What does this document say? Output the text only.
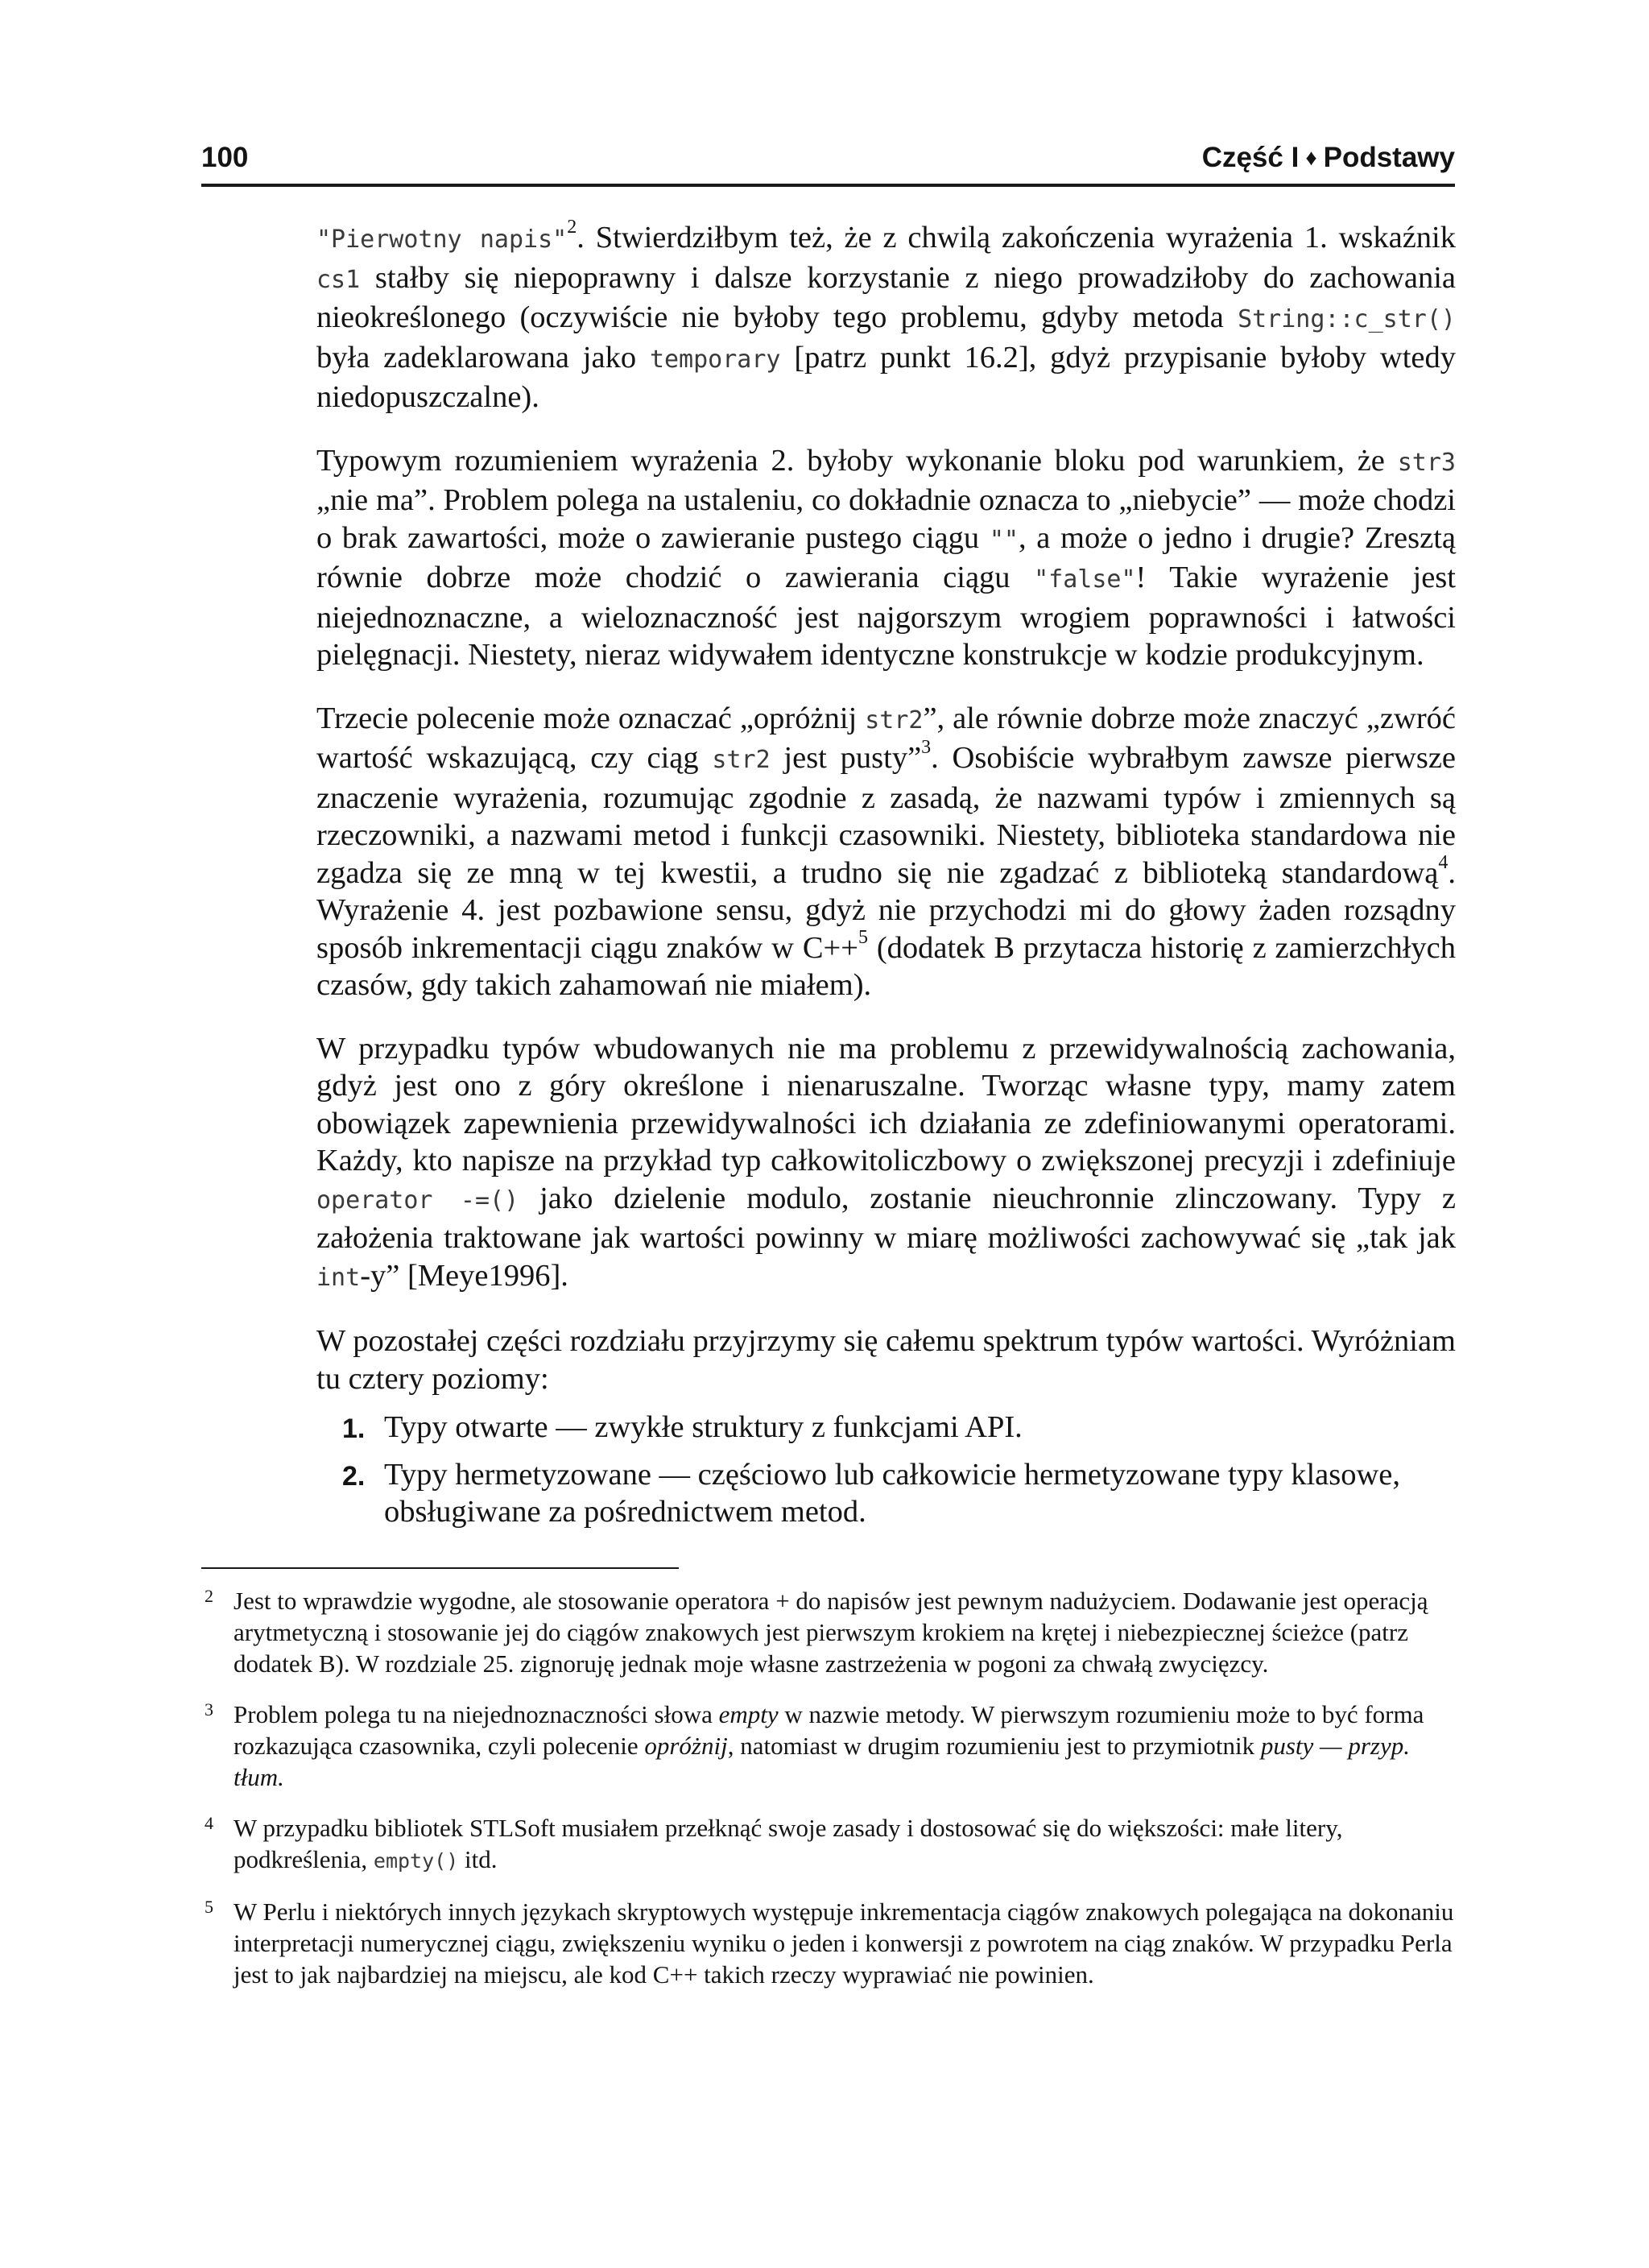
100	Część I ♦ Podstawy

"Pierwotny napis"$^2$. Stwierdziłbym też, że z chwilą zakończenia wyrażenia 1. wskaźnik cs1 stałby się niepoprawny i dalsze korzystanie z niego prowadziłoby do zachowania nieokreślonego (oczywiście nie byłoby tego problemu, gdyby metoda String::c_str() była zadeklarowana jako temporary [patrz punkt 16.2], gdyż przypisanie byłoby wtedy niedopuszczalne).

Typowym rozumieniem wyrażenia 2. byłoby wykonanie bloku pod warunkiem, że str3 „nie ma”. Problem polega na ustaleniu, co dokładnie oznacza to „niebycie” — może chodzi o brak zawartości, może o zawieranie pustego ciągu "", a może o jedno i drugie? Zresztą równie dobrze może chodzić o zawierania ciągu "false"! Takie wyrażenie jest niejednoznaczne, a wieloznaczność jest najgorszym wrogiem poprawności i łatwości pielęgnacji. Niestety, nieraz widywałem identyczne konstrukcje w kodzie produkcyjnym.

Trzecie polecenie może oznaczać „opróżnij str2”, ale równie dobrze może znaczyć „zwróć wartość wskazującą, czy ciąg str2 jest pusty”$^3$. Osobiście wybrałbym zawsze pierwsze znaczenie wyrażenia, rozumując zgodnie z zasadą, że nazwami typów i zmiennych są rzeczowniki, a nazwami metod i funkcji czasowniki. Niestety, biblioteka standardowa nie zgadza się ze mną w tej kwestii, a trudno się nie zgadzać z biblioteką standardową$^4$. Wyrażenie 4. jest pozbawione sensu, gdyż nie przychodzi mi do głowy żaden rozsądny sposób inkrementacji ciągu znaków w C++$^5$ (dodatek B przytacza historię z zamierzchłych czasów, gdy takich zahamowań nie miałem).

W przypadku typów wbudowanych nie ma problemu z przewidywalnością zachowania, gdyż jest ono z góry określone i nienaruszalne. Tworząc własne typy, mamy zatem obowiązek zapewnienia przewidywalności ich działania ze zdefiniowanymi operatorami. Każdy, kto napisze na przykład typ całkowitoliczbowy o zwiększonej precyzji i zdefiniuje operator -=() jako dzielenie modulo, zostanie nieuchronnie zlinczowany. Typy z założenia traktowane jak wartości powinny w miarę możliwości zachowywać się „tak jak int-y” [Meye1996].

W pozostałej części rozdziału przyjrzymy się całemu spektrum typów wartości. Wyróżniam tu cztery poziomy:

1. Typy otwarte — zwykłe struktury z funkcjami API.
2. Typy hermetyzowane — częściowo lub całkowicie hermetyzowane typy klasowe, obsługiwane za pośrednictwem metod.
2 Jest to wprawdzie wygodne, ale stosowanie operatora + do napisów jest pewnym nadużyciem. Dodawanie jest operacją arytmetyczną i stosowanie jej do ciągów znakowych jest pierwszym krokiem na krętej i niebezpiecznej ścieżce (patrz dodatek B). W rozdziale 25. zignoruję jednak moje własne zastrzeżenia w pogoni za chwałą zwycięzcy.
3 Problem polega tu na niejednoznaczności słowa empty w nazwie metody. W pierwszym rozumieniu może to być forma rozkazująca czasownika, czyli polecenie opróżnij, natomiast w drugim rozumieniu jest to przymiotnik pusty — przyp. tłum.
4 W przypadku bibliotek STLSoft musiałem przełknąć swoje zasady i dostosować się do większości: małe litery, podkreślenia, empty() itd.
5 W Perlu i niektórych innych językach skryptowych występuje inkrementacja ciągów znakowych polegająca na dokonaniu interpretacji numerycznej ciągu, zwiększeniu wyniku o jeden i konwersji z powrotem na ciąg znaków. W przypadku Perla jest to jak najbardziej na miejscu, ale kod C++ takich rzeczy wyprawiać nie powinien.
